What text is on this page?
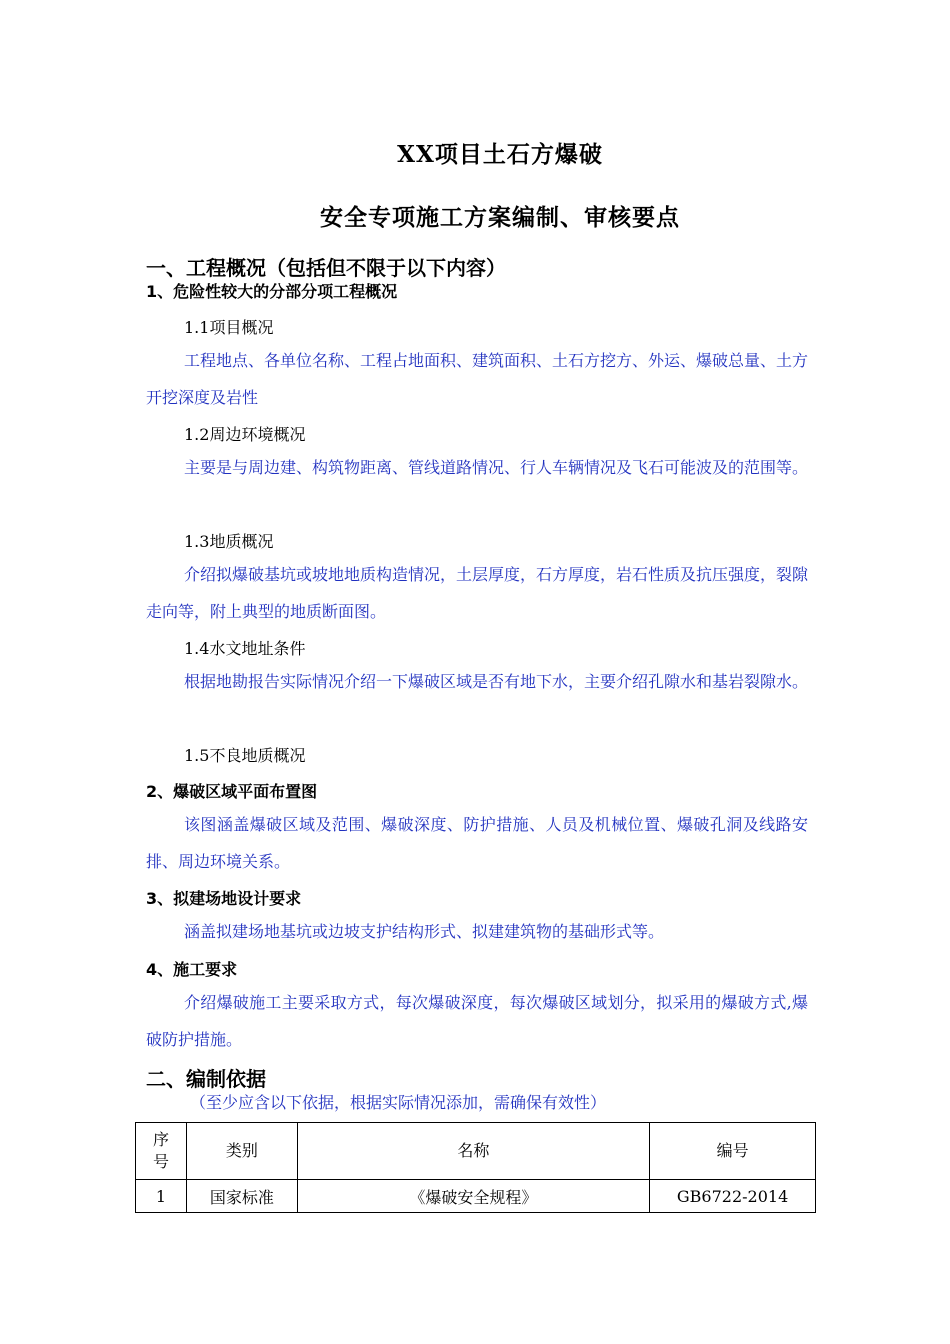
XX项目土石方爆破
安全专项施工方案编制、审核要点
一、工程概况（包括但不限于以下内容）
1、危险性较大的分部分项工程概况
1.1项目概况
工程地点、各单位名称、工程占地面积、建筑面积、土石方挖方、外运、爆破总量、土方开挖深度及岩性
1.2周边环境概况
主要是与周边建、构筑物距离、管线道路情况、行人车辆情况及飞石可能波及的范围等。
1.3地质概况
介绍拟爆破基坑或坡地地质构造情况，土层厚度，石方厚度，岩石性质及抗压强度，裂隙走向等，附上典型的地质断面图。
1.4水文地址条件
根据地勘报告实际情况介绍一下爆破区域是否有地下水，主要介绍孔隙水和基岩裂隙水。
1.5不良地质概况
2、爆破区域平面布置图
该图涵盖爆破区域及范围、爆破深度、防护措施、人员及机械位置、爆破孔洞及线路安排、周边环境关系。
3、拟建场地设计要求
涵盖拟建场地基坑或边坡支护结构形式、拟建建筑物的基础形式等。
4、施工要求
介绍爆破施工主要采取方式，每次爆破深度，每次爆破区域划分，拟采用的爆破方式,爆破防护措施。
二、编制依据
（至少应含以下依据，根据实际情况添加，需确保有效性）
序
号	类别	名称	编号
1	国家标准	《爆破安全规程》	GB6722-2014
